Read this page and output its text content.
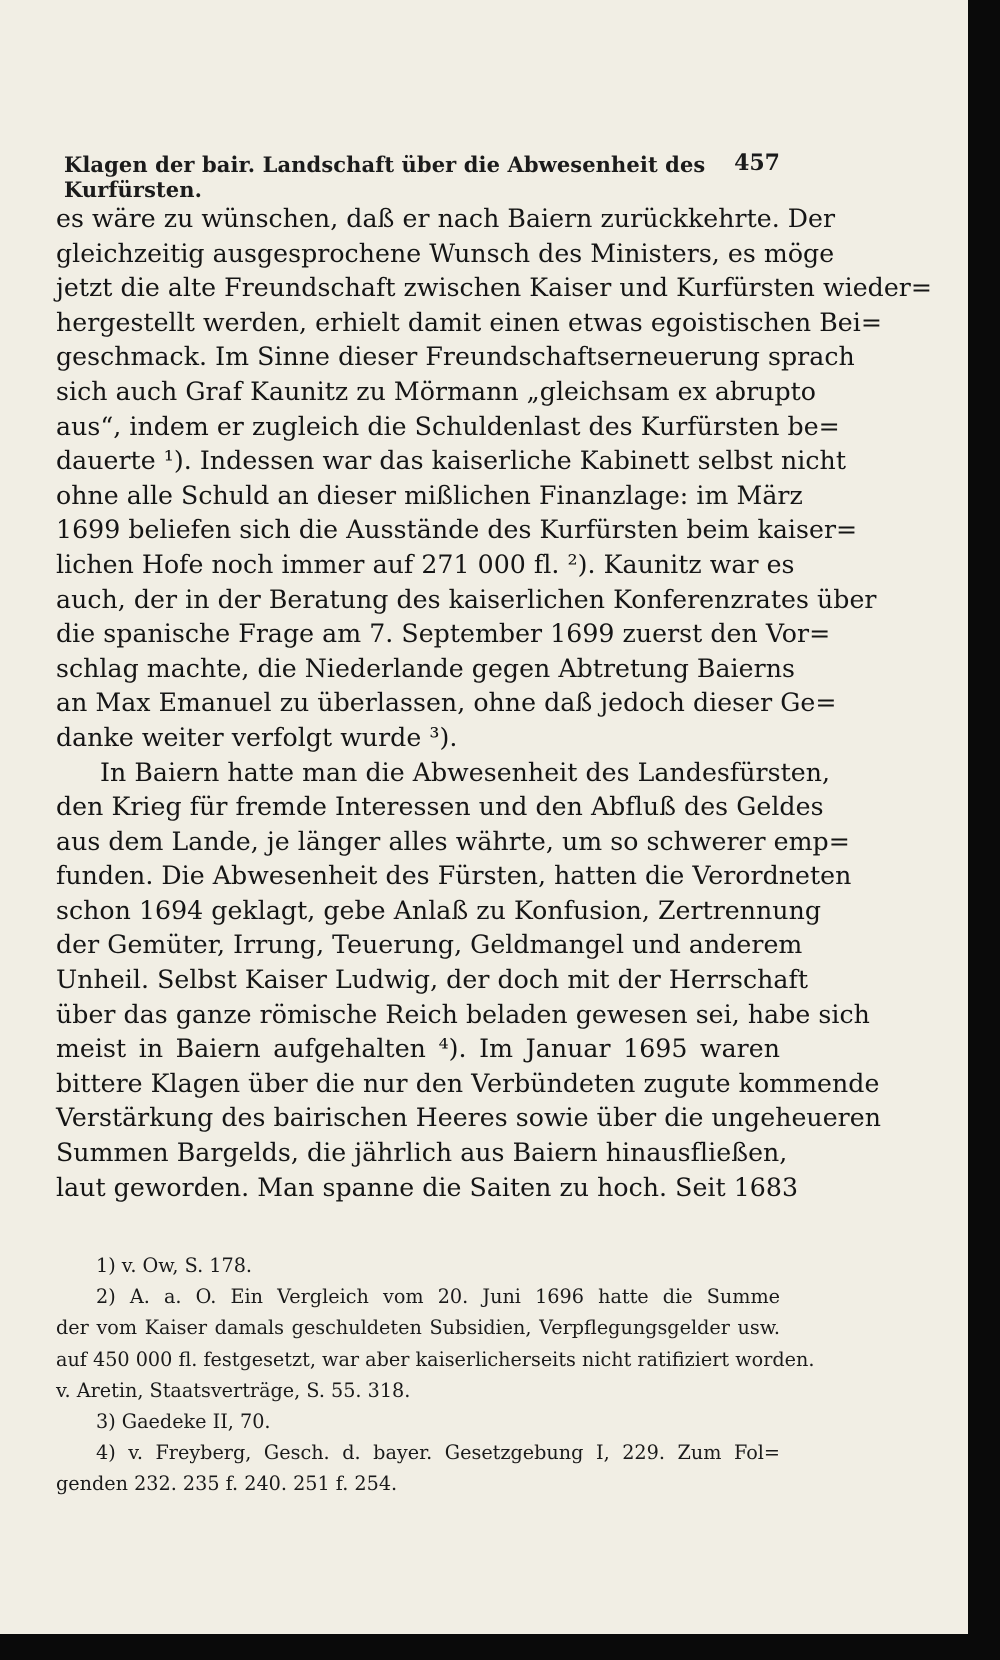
Klagen der bair. Landschaft über die Abwesenheit des Kurfürsten.
457
es wäre zu wünschen, daß er nach Baiern zurückkehrte. Der
gleichzeitig ausgesprochene Wunsch des Ministers, es möge
jetzt die alte Freundschaft zwischen Kaiser und Kurfürsten wieder=
hergestellt werden, erhielt damit einen etwas egoistischen Bei=
geschmack. Im Sinne dieser Freundschaftserneuerung sprach
sich auch Graf Kaunitz zu Mörmann „gleichsam ex abrupto
aus“, indem er zugleich die Schuldenlast des Kurfürsten be=
dauerte ¹). Indessen war das kaiserliche Kabinett selbst nicht
ohne alle Schuld an dieser mißlichen Finanzlage: im März
1699 beliefen sich die Ausstände des Kurfürsten beim kaiser=
lichen Hofe noch immer auf 271 000 fl. ²). Kaunitz war es
auch, der in der Beratung des kaiserlichen Konferenzrates über
die spanische Frage am 7. September 1699 zuerst den Vor=
schlag machte, die Niederlande gegen Abtretung Baierns
an Max Emanuel zu überlassen, ohne daß jedoch dieser Ge=
danke weiter verfolgt wurde ³).
In Baiern hatte man die Abwesenheit des Landesfürsten,
den Krieg für fremde Interessen und den Abfluß des Geldes
aus dem Lande, je länger alles währte, um so schwerer emp=
funden. Die Abwesenheit des Fürsten, hatten die Verordneten
schon 1694 geklagt, gebe Anlaß zu Konfusion, Zertrennung
der Gemüter, Irrung, Teuerung, Geldmangel und anderem
Unheil. Selbst Kaiser Ludwig, der doch mit der Herrschaft
über das ganze römische Reich beladen gewesen sei, habe sich
meist in Baiern aufgehalten ⁴). Im Januar 1695 waren
bittere Klagen über die nur den Verbündeten zugute kommende
Verstärkung des bairischen Heeres sowie über die ungeheueren
Summen Bargelds, die jährlich aus Baiern hinausfließen,
laut geworden. Man spanne die Saiten zu hoch. Seit 1683
1) v. Ow, S. 178.
2) A. a. O. Ein Vergleich vom 20. Juni 1696 hatte die Summe
der vom Kaiser damals geschuldeten Subsidien, Verpflegungsgelder usw.
auf 450 000 fl. festgesetzt, war aber kaiserlicherseits nicht ratifiziert worden.
v. Aretin, Staatsverträge, S. 55. 318.
3) Gaedeke II, 70.
4) v. Freyberg, Gesch. d. bayer. Gesetzgebung I, 229. Zum Fol=
genden 232. 235 f. 240. 251 f. 254.
